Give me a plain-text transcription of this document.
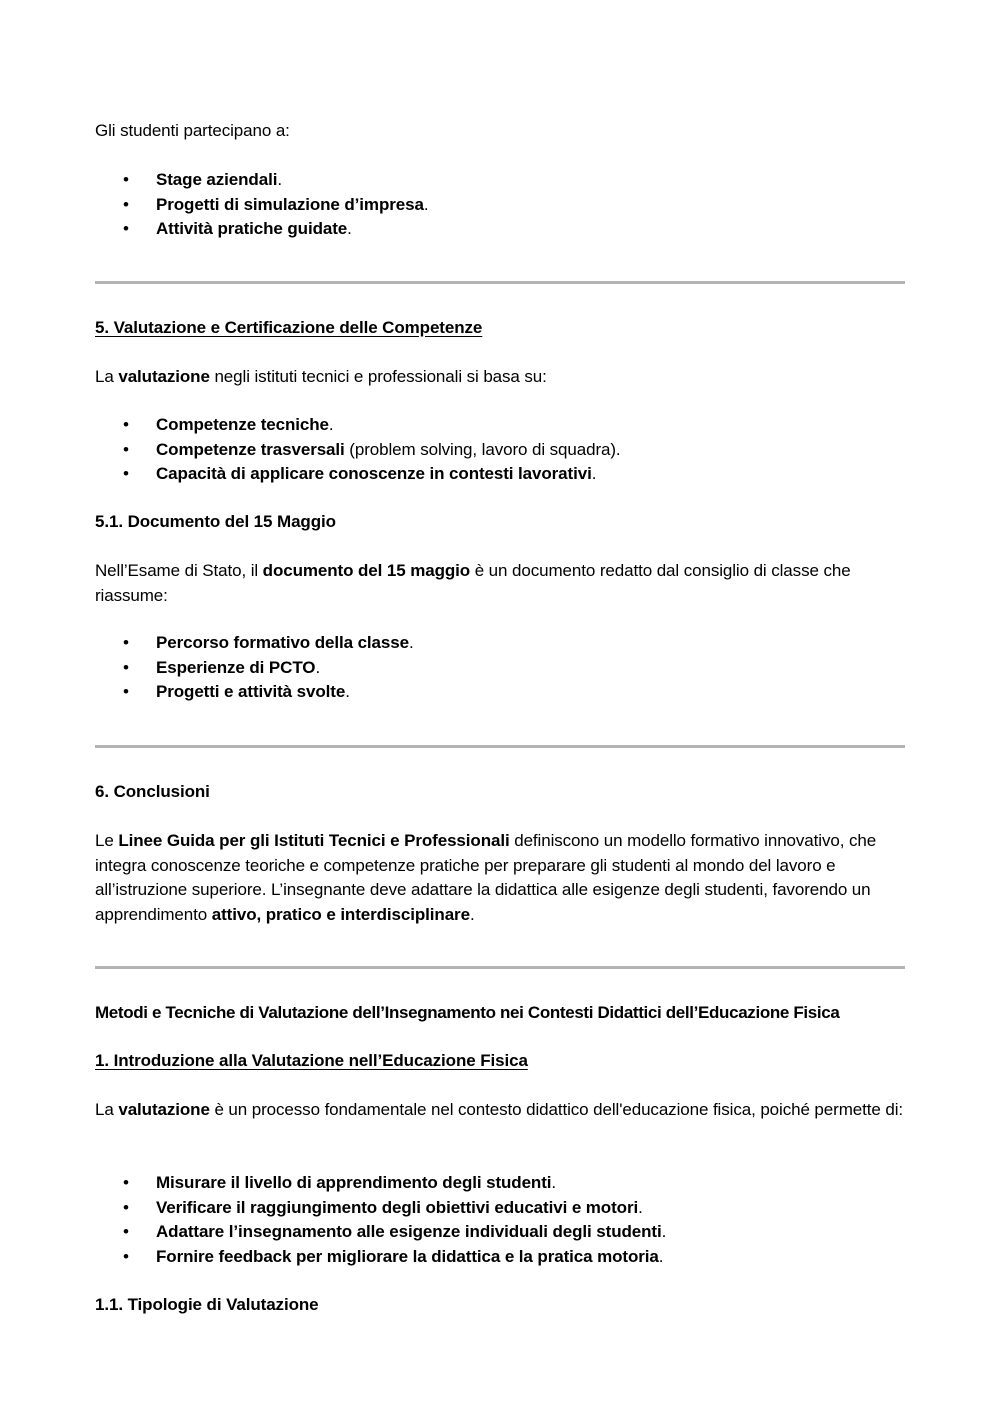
Gli studenti partecipano a:
• Stage aziendali.
• Progetti di simulazione d’impresa.
• Attività pratiche guidate.
5. Valutazione e Certificazione delle Competenze
La valutazione negli istituti tecnici e professionali si basa su:
• Competenze tecniche.
• Competenze trasversali (problem solving, lavoro di squadra).
• Capacità di applicare conoscenze in contesti lavorativi.
5.1. Documento del 15 Maggio
Nell’Esame di Stato, il documento del 15 maggio è un documento redatto dal consiglio di classe che riassume:
• Percorso formativo della classe.
• Esperienze di PCTO.
• Progetti e attività svolte.
6. Conclusioni
Le Linee Guida per gli Istituti Tecnici e Professionali definiscono un modello formativo innovativo, che integra conoscenze teoriche e competenze pratiche per preparare gli studenti al mondo del lavoro e all’istruzione superiore. L’insegnante deve adattare la didattica alle esigenze degli studenti, favorendo un apprendimento attivo, pratico e interdisciplinare.
Metodi e Tecniche di Valutazione dell’Insegnamento nei Contesti Didattici dell’Educazione Fisica
1. Introduzione alla Valutazione nell’Educazione Fisica
La valutazione è un processo fondamentale nel contesto didattico dell'educazione fisica, poiché permette di:
• Misurare il livello di apprendimento degli studenti.
• Verificare il raggiungimento degli obiettivi educativi e motori.
• Adattare l’insegnamento alle esigenze individuali degli studenti.
• Fornire feedback per migliorare la didattica e la pratica motoria.
1.1. Tipologie di Valutazione
